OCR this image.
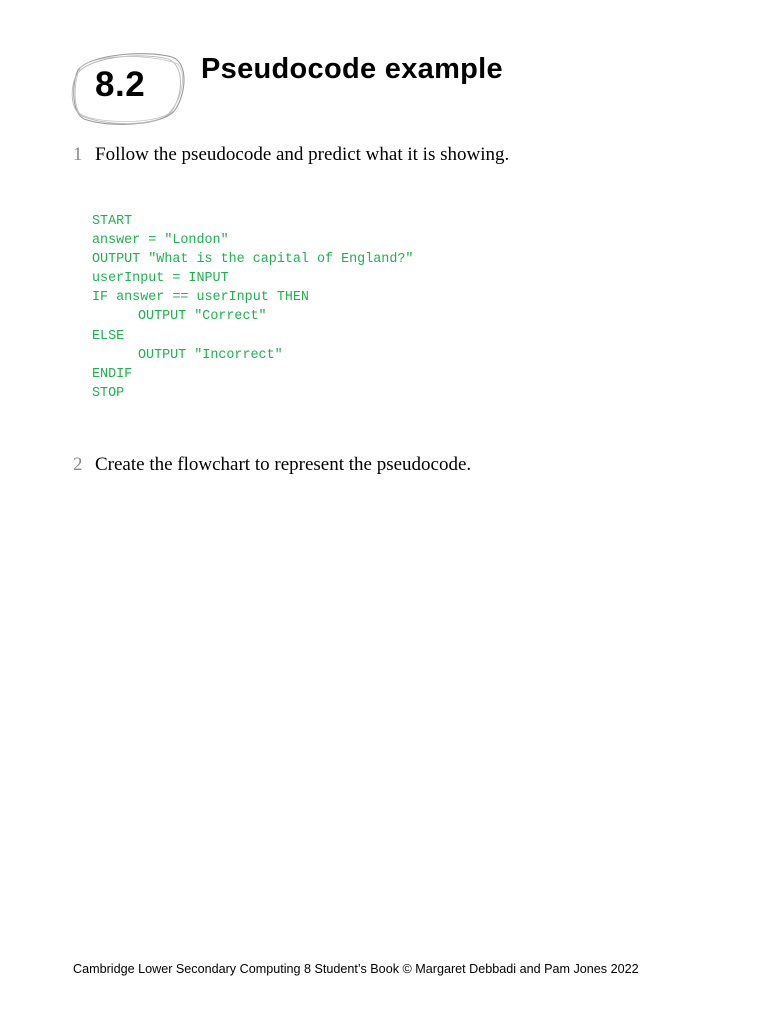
8.2 Pseudocode example
1 Follow the pseudocode and predict what it is showing.
START
answer = "London"
OUTPUT "What is the capital of England?"
userInput = INPUT
IF answer == userInput THEN
OUTPUT "Correct"
ELSE
OUTPUT "Incorrect"
ENDIF
STOP
2 Create the flowchart to represent the pseudocode.
Cambridge Lower Secondary Computing 8 Student’s Book © Margaret Debbadi and Pam Jones 2022
